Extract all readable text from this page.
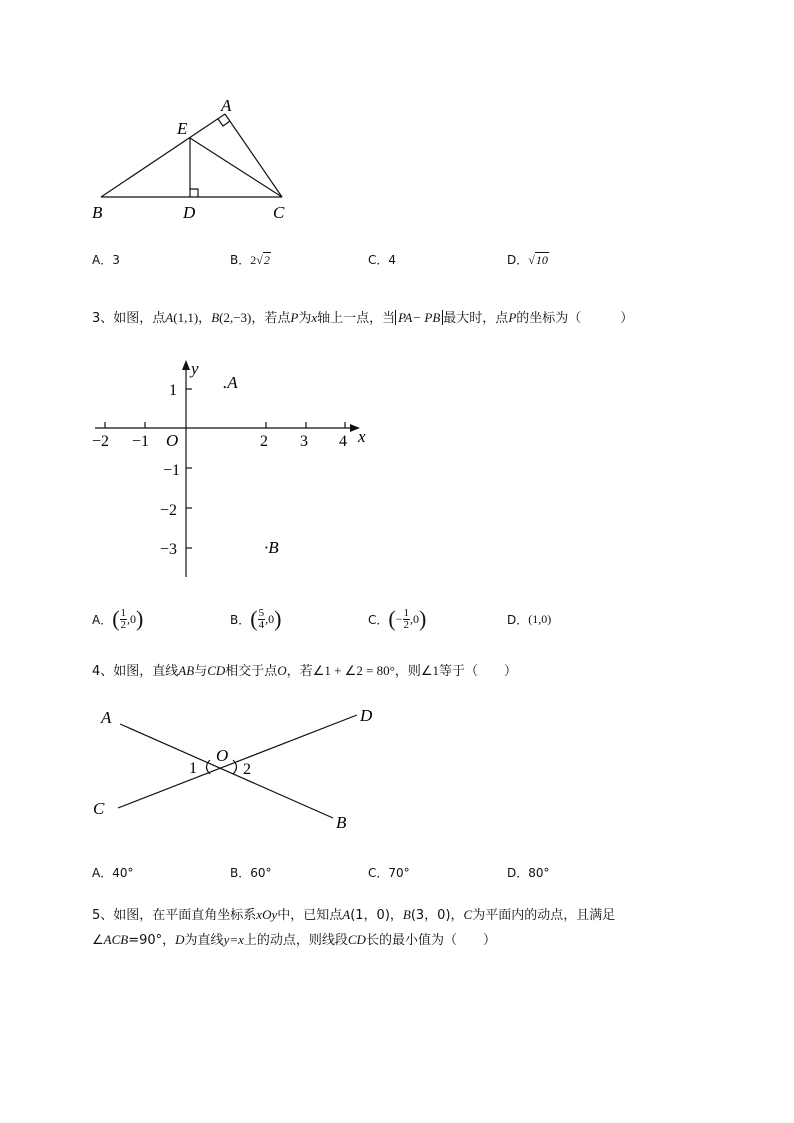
A
E
B	D	C
A．3	B．2√2	C．4	D．√10
3、如图，点A(1,1)，B(2,−3)，若点P为x轴上一点，当 PA− PB 最大时，点P的坐标为（　　　）
x
y
O
−2 −1	2 3 4
1
−1
−2
−3
.A
·B
A． ( $\frac{1}{2} ,0$ )	B． ( $\frac{5}{4} ,0$ )	C． ( − $\frac{1}{2} ,0$ )	D． (1,0)
4、如图，直线AB与CD相交于点O，若∠1 + ∠2 = 80°，则∠1等于（　　）
A	D
O
1	2
C
B
A．40°	B．60°	C．70°	D．80°
5、如图，在平面直角坐标系xOy中，已知点A(1，0)，B(3，0)，C为平面内的动点，且满足
∠ACB=90°，D为直线y=x上的动点，则线段CD长的最小值为（　　）
